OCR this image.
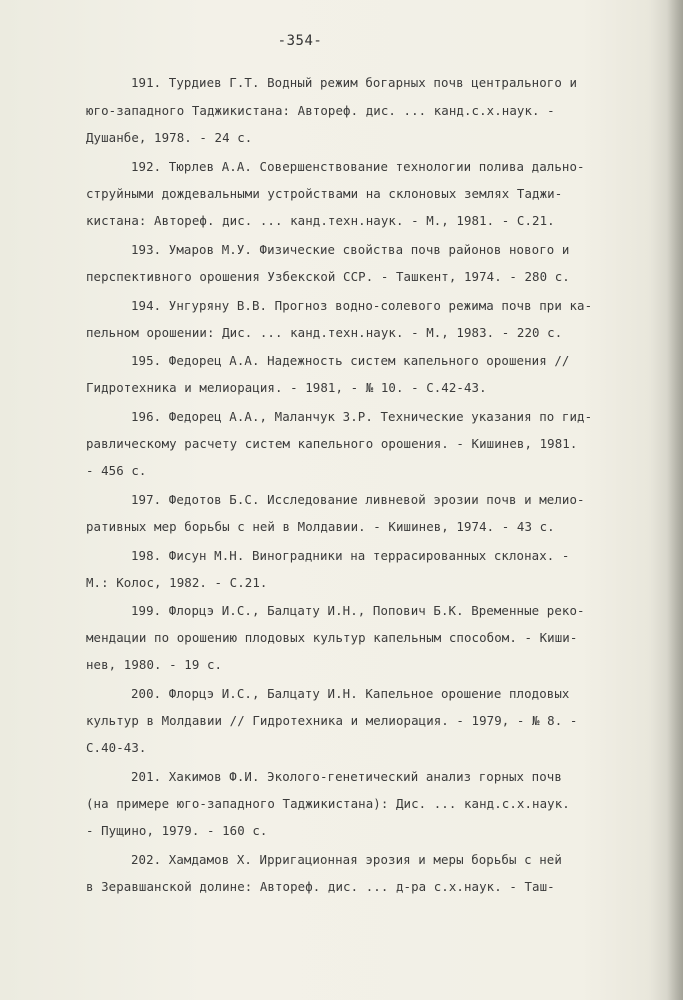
-354-
191. Турдиев Г.Т. Водный режим богарных почв центрального и
юго-западного Таджикистана: Автореф. дис. ... канд.с.х.наук. -
Душанбе, 1978. - 24 с.
192. Тюрлев А.А. Совершенствование технологии полива дально-
струйными дождевальными устройствами на склоновых землях Таджи-
кистана: Автореф. дис. ... канд.техн.наук. - М., 1981. - С.21.
193. Умаров М.У. Физические свойства почв районов нового и
перспективного орошения Узбекской ССР. - Ташкент, 1974. - 280 с.
194. Унгуряну В.В. Прогноз водно-солевого режима почв при ка-
пельном орошении: Дис. ... канд.техн.наук. - М., 1983. - 220 с.
195. Федорец А.А. Надежность систем капельного орошения //
Гидротехника и мелиорация. - 1981, - № 10. - С.42-43.
196. Федорец А.А., Маланчук З.Р. Технические указания по гид-
равлическому расчету систем капельного орошения. - Кишинев, 1981.
- 456 с.
197. Федотов Б.С. Исследование ливневой эрозии почв и мелио-
ративных мер борьбы с ней в Молдавии. - Кишинев, 1974. - 43 с.
198. Фисун М.Н. Виноградники на террасированных склонах. -
М.: Колос, 1982. - С.21.
199. Флорцэ И.С., Балцату И.Н., Попович Б.К. Временные реко-
мендации по орошению плодовых культур капельным способом. - Киши-
нев, 1980. - 19 с.
200. Флорцэ И.С., Балцату И.Н. Капельное орошение плодовых
культур в Молдавии // Гидротехника и мелиорация. - 1979, - № 8. -
С.40-43.
201. Хакимов Ф.И. Эколого-генетический анализ горных почв
(на примере юго-западного Таджикистана): Дис. ... канд.с.х.наук.
- Пущино, 1979. - 160 с.
202. Хамдамов Х. Ирригационная эрозия и меры борьбы с ней
в Зеравшанской долине: Автореф. дис. ... д-ра с.х.наук. - Таш-
